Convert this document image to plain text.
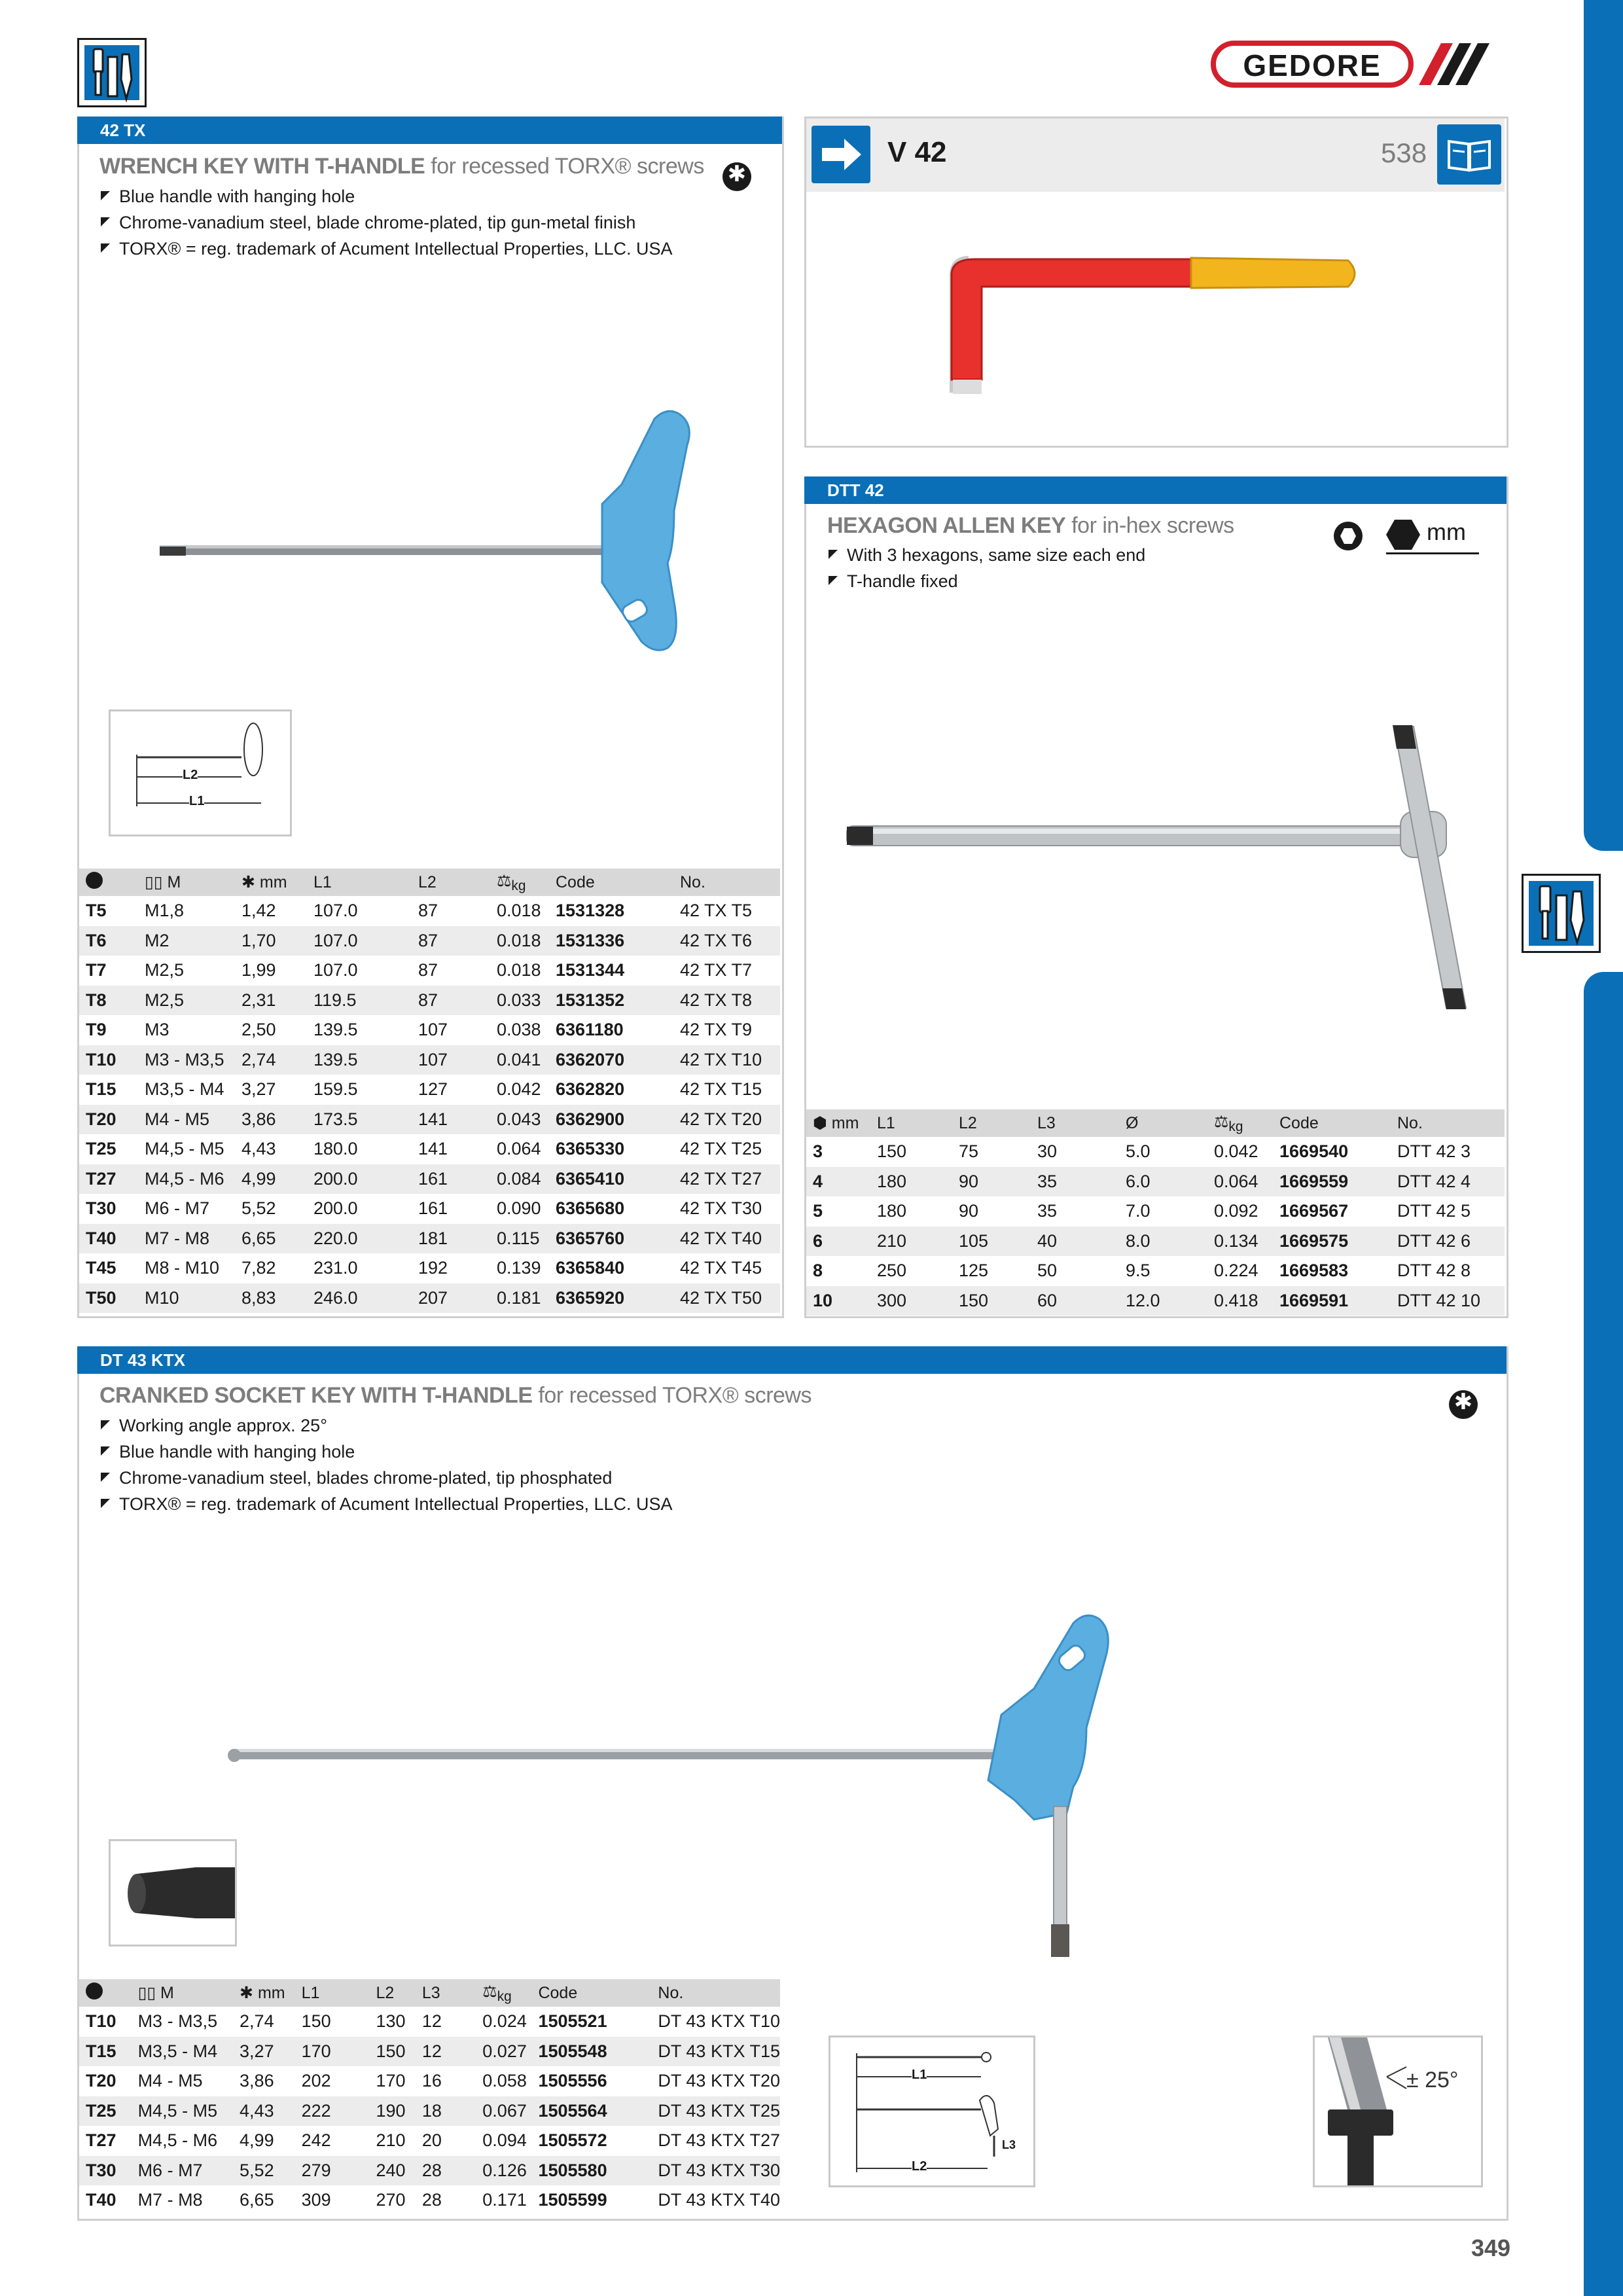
GEDORE
42 TX
WRENCH KEY WITH T-HANDLE for recessed TORX® screws
✱
Blue handle with hanging hole
Chrome-vanadium steel, blade chrome-plated, tip gun-metal finish
TORX® = reg. trademark of Acument Intellectual Properties, LLC. USA
L2
L1
	▯▯ M	✱ mm	L1	L2	$⚖_{kg}$	Code	No.
T5	M1,8	1,42	107.0	87	0.018	1531328	42 TX T5
T6	M2	1,70	107.0	87	0.018	1531336	42 TX T6
T7	M2,5	1,99	107.0	87	0.018	1531344	42 TX T7
T8	M2,5	2,31	119.5	87	0.033	1531352	42 TX T8
T9	M3	2,50	139.5	107	0.038	6361180	42 TX T9
T10	M3 - M3,5	2,74	139.5	107	0.041	6362070	42 TX T10
T15	M3,5 - M4	3,27	159.5	127	0.042	6362820	42 TX T15
T20	M4 - M5	3,86	173.5	141	0.043	6362900	42 TX T20
T25	M4,5 - M5	4,43	180.0	141	0.064	6365330	42 TX T25
T27	M4,5 - M6	4,99	200.0	161	0.084	6365410	42 TX T27
T30	M6 - M7	5,52	200.0	161	0.090	6365680	42 TX T30
T40	M7 - M8	6,65	220.0	181	0.115	6365760	42 TX T40
T45	M8 - M10	7,82	231.0	192	0.139	6365840	42 TX T45
T50	M10	8,83	246.0	207	0.181	6365920	42 TX T50
V 42	538
DTT 42
HEXAGON ALLEN KEY for in-hex screws	mm
With 3 hexagons, same size each end
T-handle fixed
⬢ mm	L1	L2	L3	Ø	$⚖_{kg}$	Code	No.
3	150	75	30	5.0	0.042	1669540	DTT 42 3
4	180	90	35	6.0	0.064	1669559	DTT 42 4
5	180	90	35	7.0	0.092	1669567	DTT 42 5
6	210	105	40	8.0	0.134	1669575	DTT 42 6
8	250	125	50	9.5	0.224	1669583	DTT 42 8
10	300	150	60	12.0	0.418	1669591	DTT 42 10
DT 43 KTX
CRANKED SOCKET KEY WITH T-HANDLE for recessed TORX® screws
✱
Working angle approx. 25°
Blue handle with hanging hole
Chrome-vanadium steel, blades chrome-plated, tip phosphated
TORX® = reg. trademark of Acument Intellectual Properties, LLC. USA
	▯▯ M	✱ mm	L1	L2	L3	$⚖_{kg}$	Code	No.
T10	M3 - M3,5	2,74	150	130	12	0.024	1505521	DT 43 KTX T10
T15	M3,5 - M4	3,27	170	150	12	0.027	1505548	DT 43 KTX T15
T20	M4 - M5	3,86	202	170	16	0.058	1505556	DT 43 KTX T20
T25	M4,5 - M5	4,43	222	190	18	0.067	1505564	DT 43 KTX T25
T27	M4,5 - M6	4,99	242	210	20	0.094	1505572	DT 43 KTX T27
T30	M6 - M7	5,52	279	240	28	0.126	1505580	DT 43 KTX T30
T40	M7 - M8	6,65	309	270	28	0.171	1505599	DT 43 KTX T40
L1
L2
L3
± 25°
349
